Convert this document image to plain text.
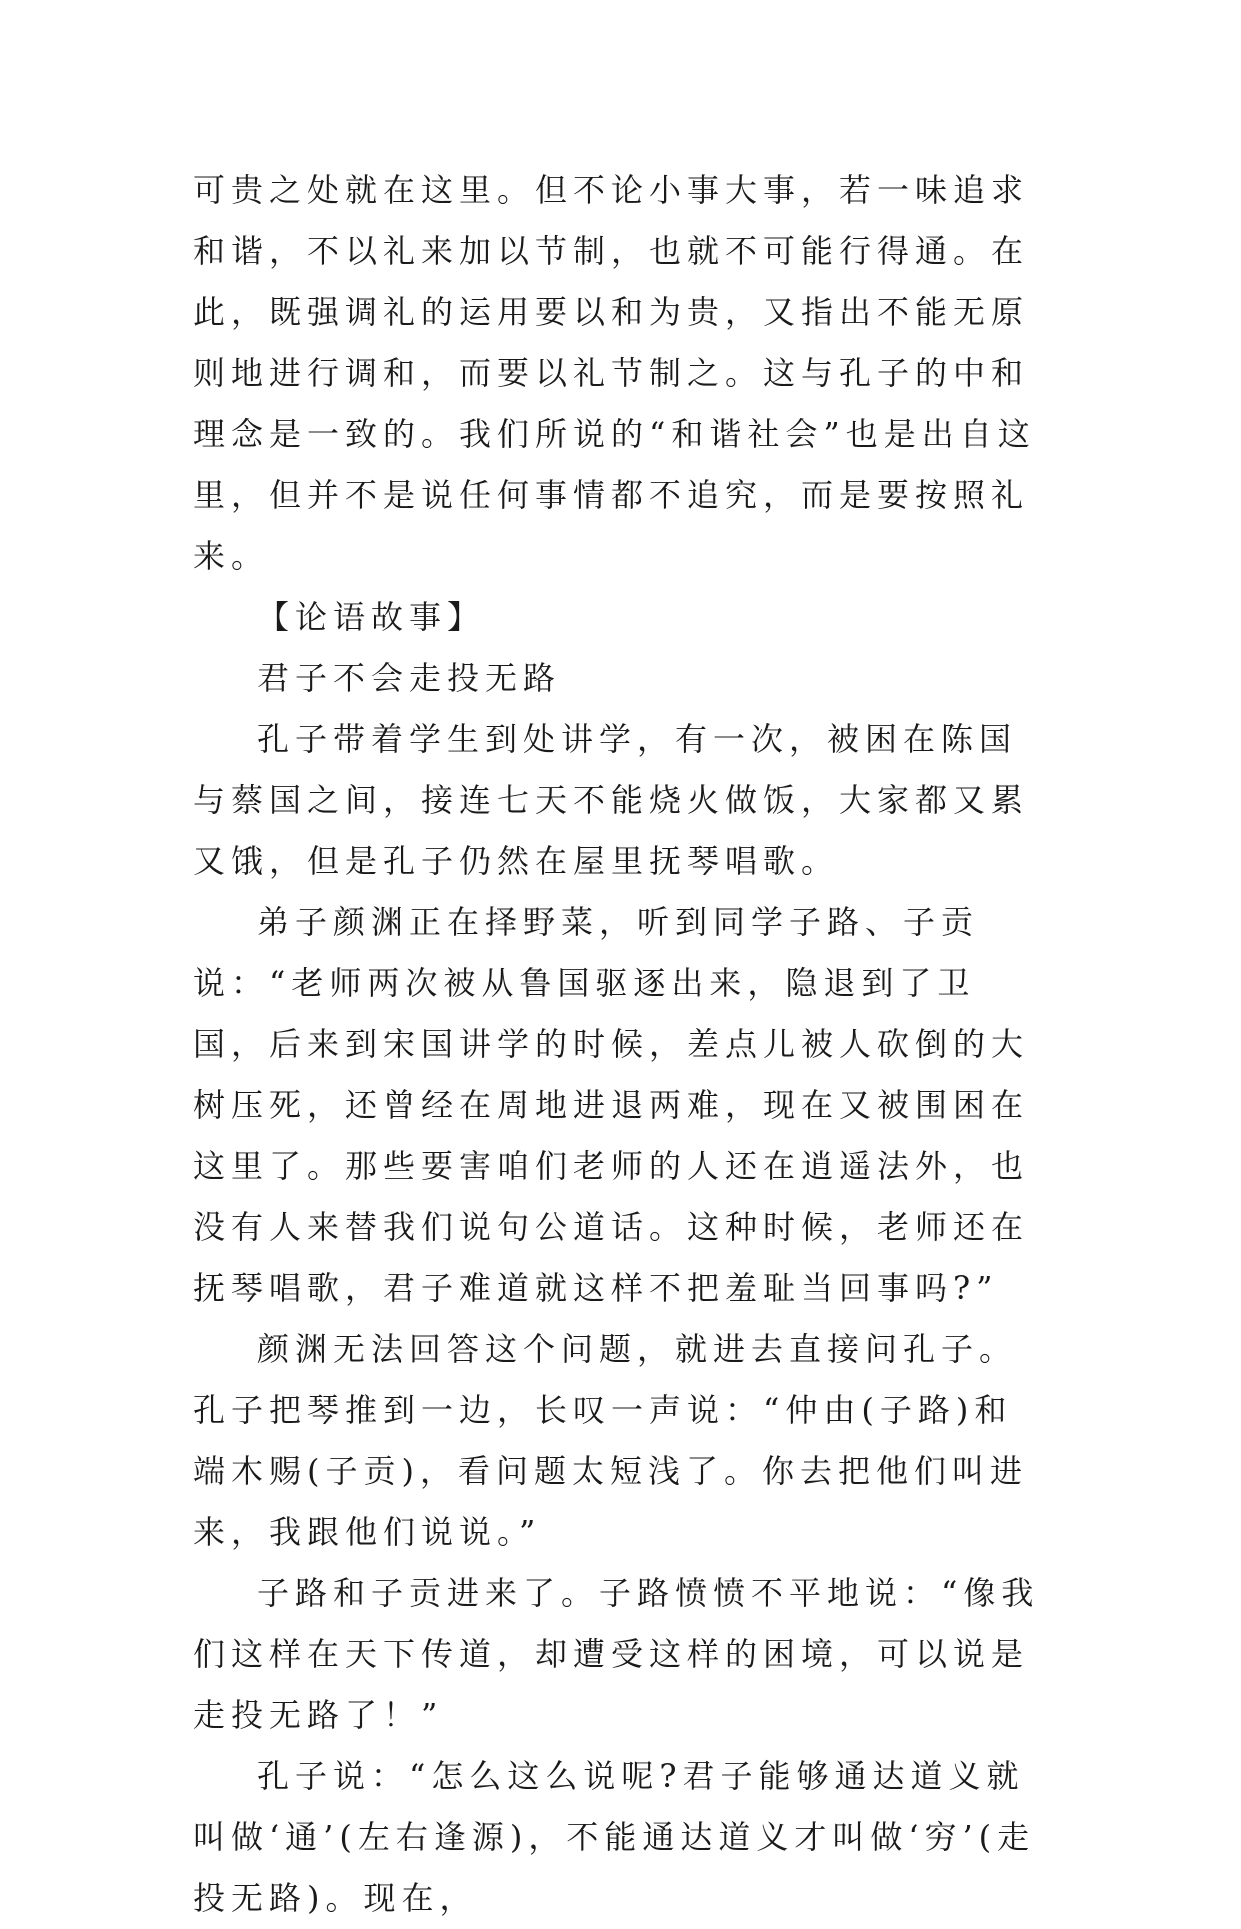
可贵之处就在这里。但不论小事大事，若一味追求和谐，不以礼来加以节制，也就不可能行得通。在此，既强调礼的运用要以和为贵，又指出不能无原则地进行调和，而要以礼节制之。这与孔子的中和理念是一致的。我们所说的“和谐社会”也是出自这里，但并不是说任何事情都不追究，而是要按照礼来。

【论语故事】

君子不会走投无路

孔子带着学生到处讲学，有一次，被困在陈国与蔡国之间，接连七天不能烧火做饭，大家都又累又饿，但是孔子仍然在屋里抚琴唱歌。

弟子颜渊正在择野菜，听到同学子路、子贡说：“老师两次被从鲁国驱逐出来，隐退到了卫国，后来到宋国讲学的时候，差点儿被人砍倒的大树压死，还曾经在周地进退两难，现在又被围困在这里了。那些要害咱们老师的人还在逍遥法外，也没有人来替我们说句公道话。这种时候，老师还在抚琴唱歌，君子难道就这样不把羞耻当回事吗?”

颜渊无法回答这个问题，就进去直接问孔子。孔子把琴推到一边，长叹一声说：“仲由(子路)和端木赐(子贡)，看问题太短浅了。你去把他们叫进来，我跟他们说说。”

子路和子贡进来了。子路愤愤不平地说：“像我们这样在天下传道，却遭受这样的困境，可以说是走投无路了！”

孔子说：“怎么这么说呢?君子能够通达道义就叫做‘通’(左右逢源)，不能通达道义才叫做‘穷’(走投无路)。现在，
